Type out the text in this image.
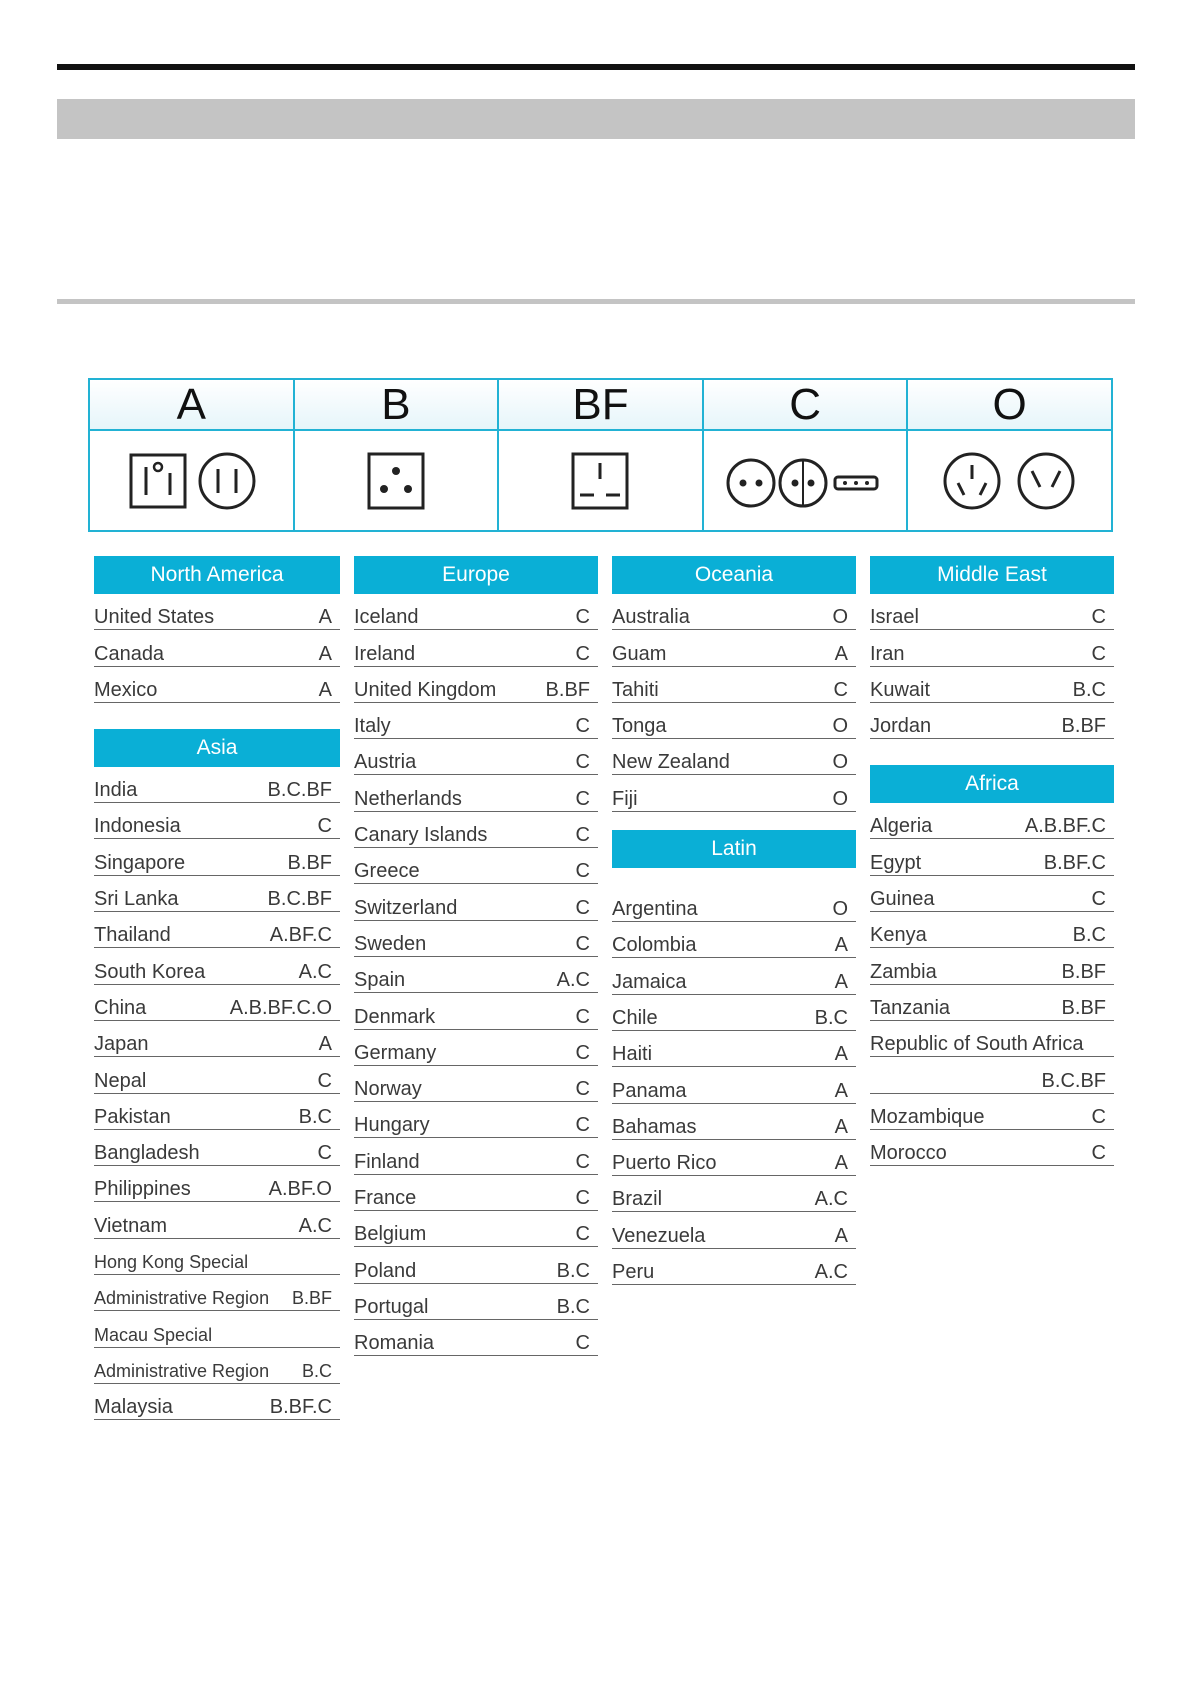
A	B	BF	C	O
North America
United States	A
Canada	A
Mexico	A
Asia
India	B.C.BF
Indonesia	C
Singapore	B.BF
Sri Lanka	B.C.BF
Thailand	A.BF.C
South Korea	A.C
China	A.B.BF.C.O
Japan	A
Nepal	C
Pakistan	B.C
Bangladesh	C
Philippines	A.BF.O
Vietnam	A.C
Hong Kong Special
Administrative Region B.BF
Macau Special
Administrative Region B.C
Malaysia	B.BF.C
Europe
Iceland	C
Ireland	C
United Kingdom B.BF
Italy	C
Austria	C
Netherlands	C
Canary Islands	C
Greece	C
Switzerland	C
Sweden	C
Spain	A.C
Denmark	C
Germany	C
Norway	C
Hungary	C
Finland	C
France	C
Belgium	C
Poland	B.C
Portugal	B.C
Romania	C
Oceania
Australia	O
Guam	A
Tahiti	C
Tonga	O
New Zealand	O
Fiji	O
Latin
Argentina	O
Colombia	A
Jamaica	A
Chile	B.C
Haiti	A
Panama	A
Bahamas	A
Puerto Rico	A
Brazil	A.C
Venezuela	A
Peru	A.C
Middle East
Israel	C
Iran	C
Kuwait	B.C
Jordan	B.BF
Africa
Algeria	A.B.BF.C
Egypt	B.BF.C
Guinea	C
Kenya	B.C
Zambia	B.BF
Tanzania	B.BF
Republic of South Africa
B.C.BF
Mozambique	C
Morocco	C
